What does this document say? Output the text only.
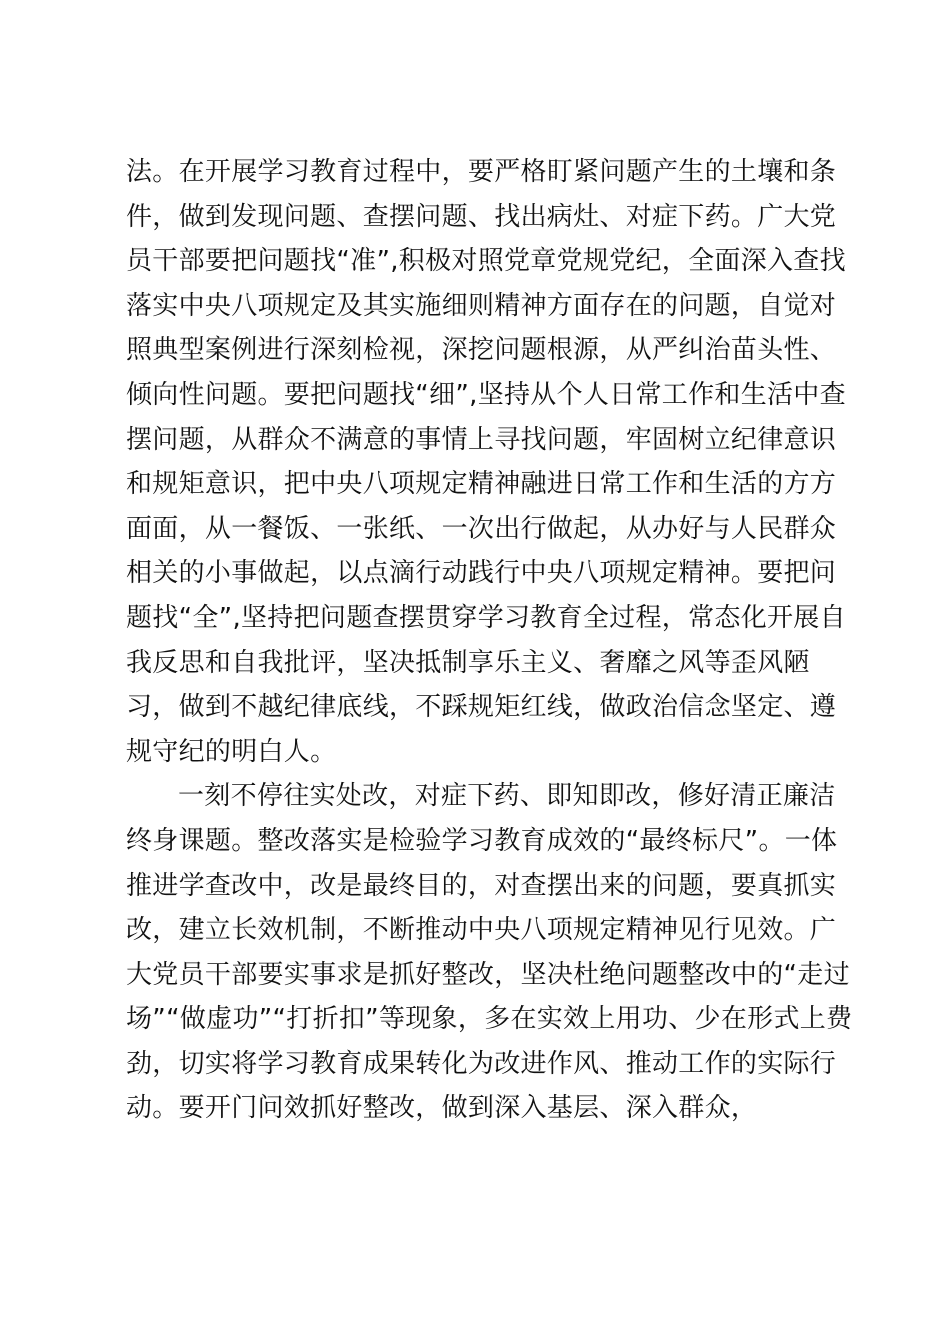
法。在开展学习教育过程中，要严格盯紧问题产生的土壤和条
件，做到发现问题、查摆问题、找出病灶、对症下药。广大党
员干部要把问题找“准”,积极对照党章党规党纪，全面深入查找
落实中央八项规定及其实施细则精神方面存在的问题，自觉对
照典型案例进行深刻检视，深挖问题根源，从严纠治苗头性、
倾向性问题。要把问题找“细”,坚持从个人日常工作和生活中查
摆问题，从群众不满意的事情上寻找问题，牢固树立纪律意识
和规矩意识，把中央八项规定精神融进日常工作和生活的方方
面面，从一餐饭、一张纸、一次出行做起，从办好与人民群众
相关的小事做起，以点滴行动践行中央八项规定精神。要把问
题找“全”,坚持把问题查摆贯穿学习教育全过程，常态化开展自
我反思和自我批评，坚决抵制享乐主义、奢靡之风等歪风陋
习，做到不越纪律底线，不踩规矩红线，做政治信念坚定、遵
规守纪的明白人。
一刻不停往实处改，对症下药、即知即改，修好清正廉洁
终身课题。整改落实是检验学习教育成效的“最终标尺”。一体
推进学查改中，改是最终目的，对查摆出来的问题，要真抓实
改，建立长效机制，不断推动中央八项规定精神见行见效。广
大党员干部要实事求是抓好整改，坚决杜绝问题整改中的“走过
场”“做虚功”“打折扣”等现象，多在实效上用功、少在形式上费
劲，切实将学习教育成果转化为改进作风、推动工作的实际行
动。要开门问效抓好整改，做到深入基层、深入群众，
